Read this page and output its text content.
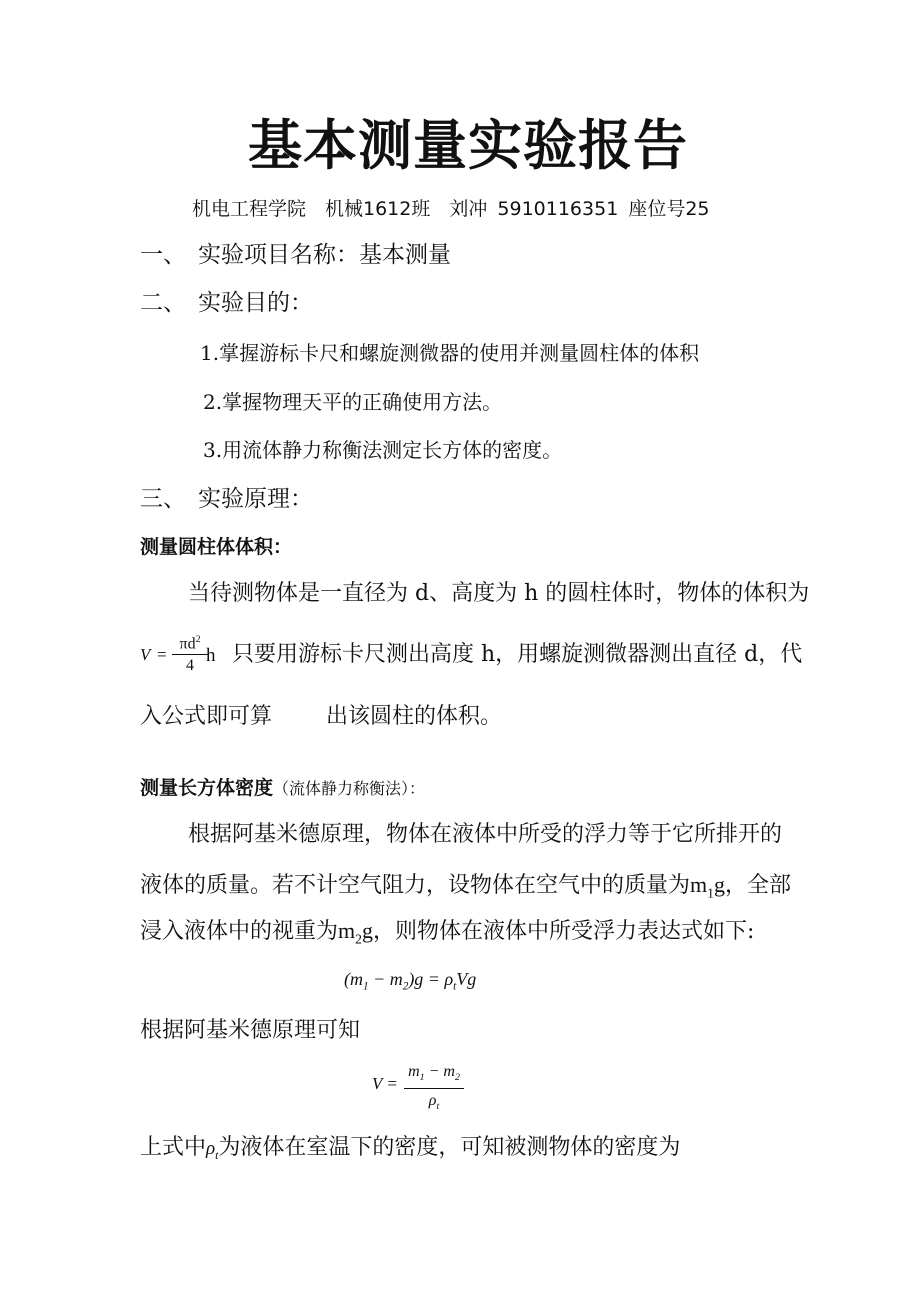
基本测量实验报告
机电工程学院　机械1612班　刘冲 5910116351 座位号25
一、 实验项目名称：基本测量
二、 实验目的：
1.掌握游标卡尺和螺旋测微器的使用并测量圆柱体的体积
2.掌握物理天平的正确使用方法。
3.用流体静力称衡法测定长方体的密度。
三、 实验原理：
测量圆柱体体积：
当待测物体是一直径为 d、高度为 h 的圆柱体时，物体的体积为
V =
$\pi d^2$
4 h 只要用游标卡尺测出高度 h，用螺旋测微器测出直径 d，代
入公式即可算 出该圆柱的体积。
测量长方体密度（流体静力称衡法）：
根据阿基米德原理，物体在液体中所受的浮力等于它所排开的
液体的质量。若不计空气阻力，设物体在空气中的质量为$m_1g$，全部
浸入液体中的视重为$m_2g$，则物体在液体中所受浮力表达式如下:
$(m_1 - m_2)g = \rho_tVg$
根据阿基米德原理可知
V =
$m_1 - m_2$
$\rho_t$
上式中$\rho_t$为液体在室温下的密度，可知被测物体的密度为
